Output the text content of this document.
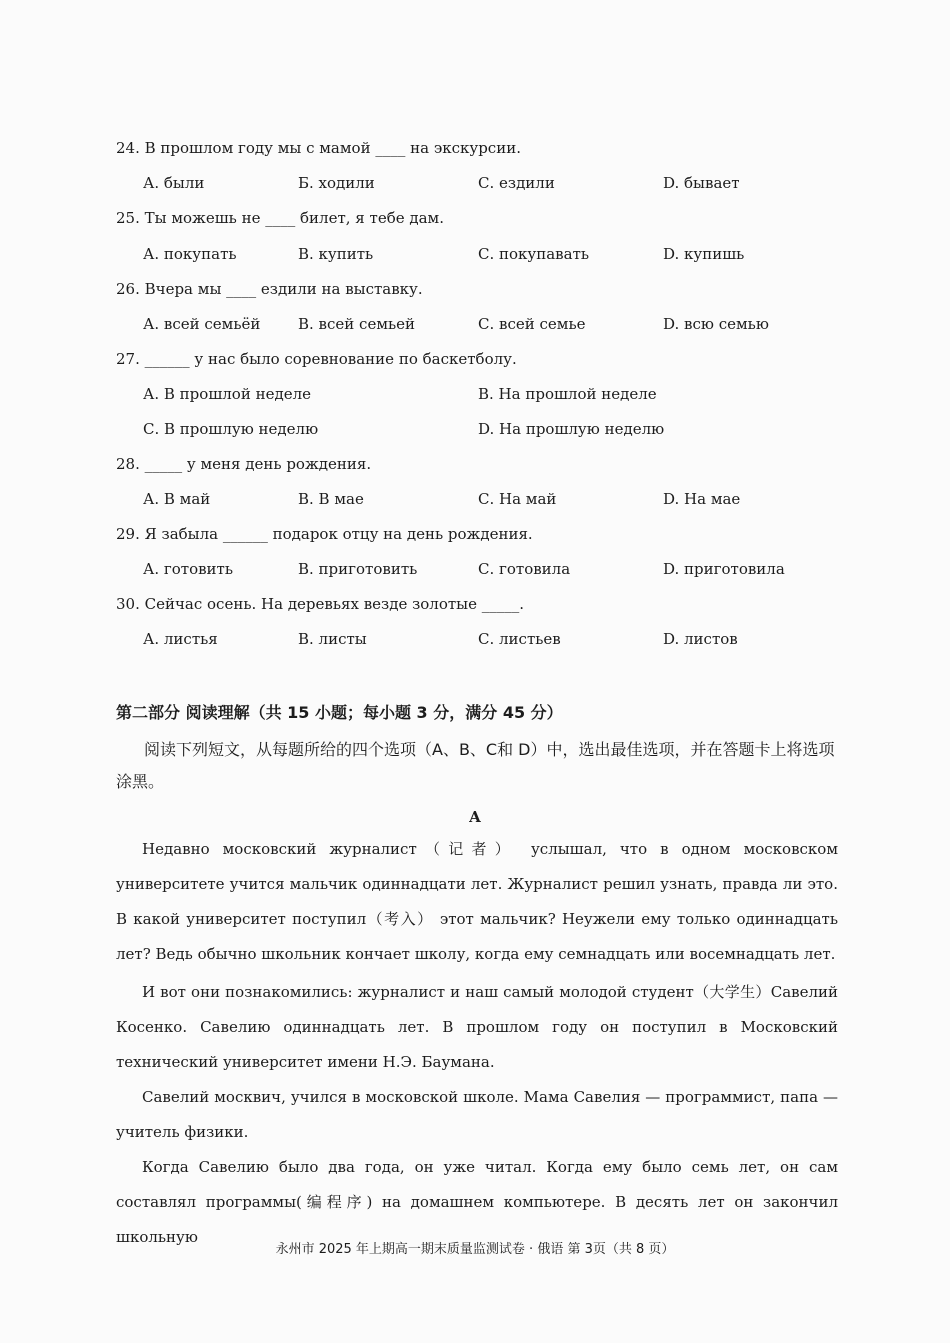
24. В прошлом году мы с мамой ____ на экскурсии.
А. были	Б. ходили	С. ездили	D. бывает
25. Ты можешь не ____ билет, я тебе дам.
А. покупать	В. купить	С. покупавать	D. купишь
26. Вчера мы ____ ездили на выставку.
А. всей семьёй	В. всей семьей	С. всей семье	D. всю семью
27. ______ у нас было соревнование по баскетболу.
А. В прошлой неделе	В. На прошлой неделе
С. В прошлую неделю	D. На прошлую неделю
28. _____ у меня день рождения.
А. В май	В. В мае	С. На май	D. На мае
29. Я забыла ______ подарок отцу на день рождения.
А. готовить	В. приготовить	С. готовила	D. приготовила
30. Сейчас осень. На деревьях везде золотые _____.
А. листья	В. листы	С. листьев	D. листов
第二部分 阅读理解（共 15 小题；每小题 3 分，满分 45 分）
阅读下列短文，从每题所给的四个选项（A、B、C和 D）中，选出最佳选项，并在答题卡上将选项涂黑。
A

Недавно московский журналист（记者） услышал, что в одном московском университете учится мальчик одиннадцати лет. Журналист решил узнать, правда ли это. В какой университет поступил（考入） этот мальчик? Неужели ему только одиннадцать лет? Ведь обычно школьник кончает школу, когда ему семнадцать или восемнадцать лет.

И вот они познакомились: журналист и наш самый молодой студент（大学生）Савелий Косенко. Савелию одиннадцать лет. В прошлом году он поступил в Московский технический университет имени Н.Э. Баумана.

Савелий москвич, учился в московской школе. Мама Савелия — программист, папа — учитель физики.

Когда Савелию было два года, он уже читал. Когда ему было семь лет, он сам составлял программы(编程序) на домашнем компьютере. В десять лет он закончил школьную

永州市 2025 年上期高一期末质量监测试卷 · 俄语 第 3页（共 8 页）
